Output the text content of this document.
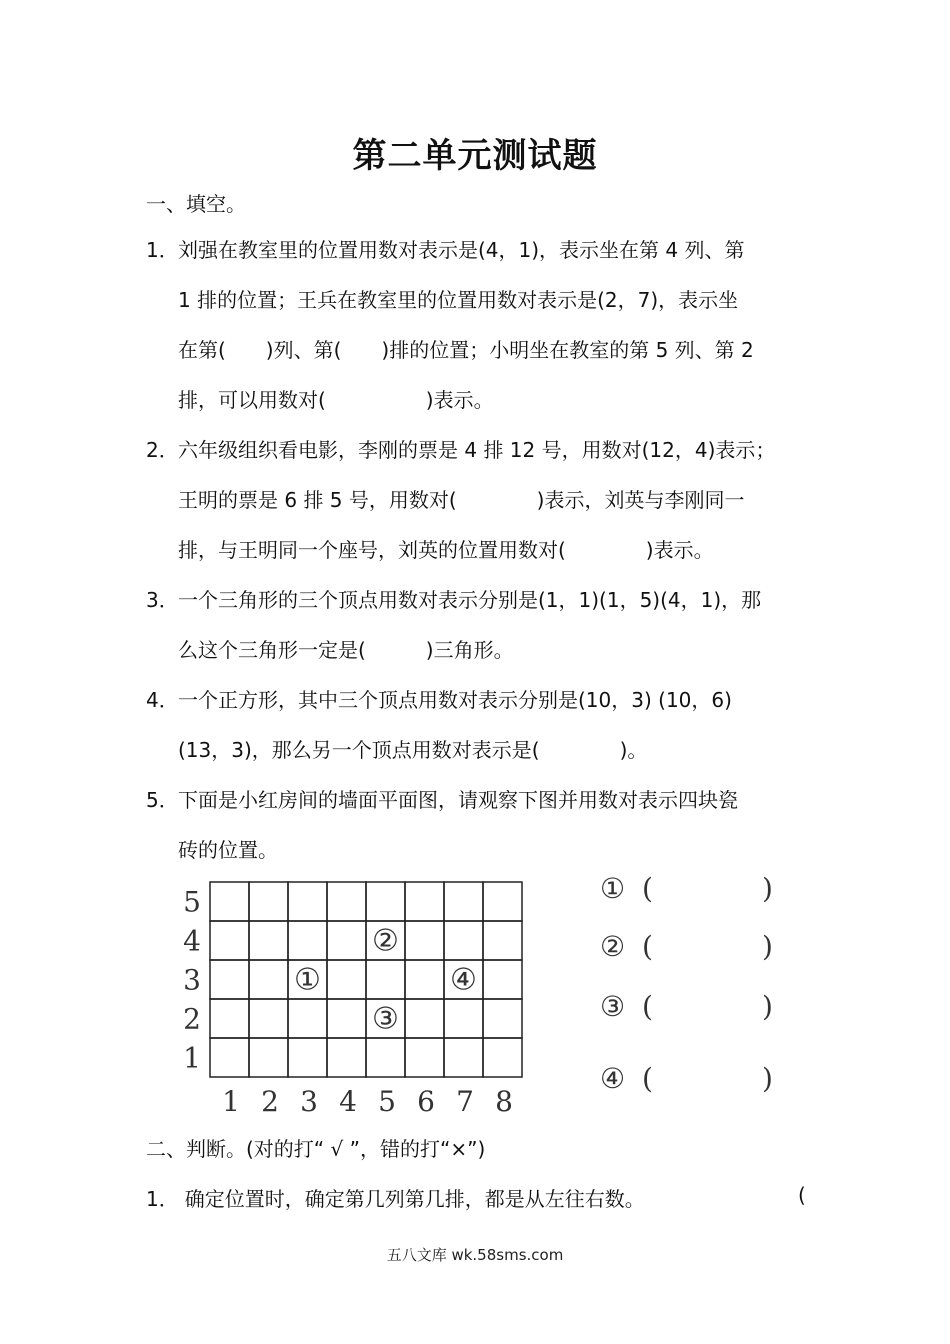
第二单元测试题
一、填空。
1． 刘强在教室里的位置用数对表示是(4，1)，表示坐在第 4 列、第
1 排的位置；王兵在教室里的位置用数对表示是(2，7)，表示坐
在第(　　)列、第(　　)排的位置；小明坐在教室的第 5 列、第 2
排，可以用数对(　　　　　)表示。
2． 六年级组织看电影，李刚的票是 4 排 12 号，用数对(12，4)表示；
王明的票是 6 排 5 号，用数对(　　　　)表示，刘英与李刚同一
排，与王明同一个座号，刘英的位置用数对(　　　　)表示。
3． 一个三角形的三个顶点用数对表示分别是(1，1)(1，5)(4，1)，那
么这个三角形一定是(　　　)三角形。
4． 一个正方形，其中三个顶点用数对表示分别是(10，3) (10，6)
(13，3)，那么另一个顶点用数对表示是(　　　　)。
5． 下面是小红房间的墙面平面图，请观察下图并用数对表示四块瓷
砖的位置。
5
4
3
2
1
1 2 3 4 5 6 7 8
①
②
③
④
① (	)
② (	)
③ (	)
④ (	)
二、判断。(对的打“ √ ”，错的打“×”)
1． 确定位置时，确定第几列第几排，都是从左往右数。	(
五八文库 wk.58sms.com
